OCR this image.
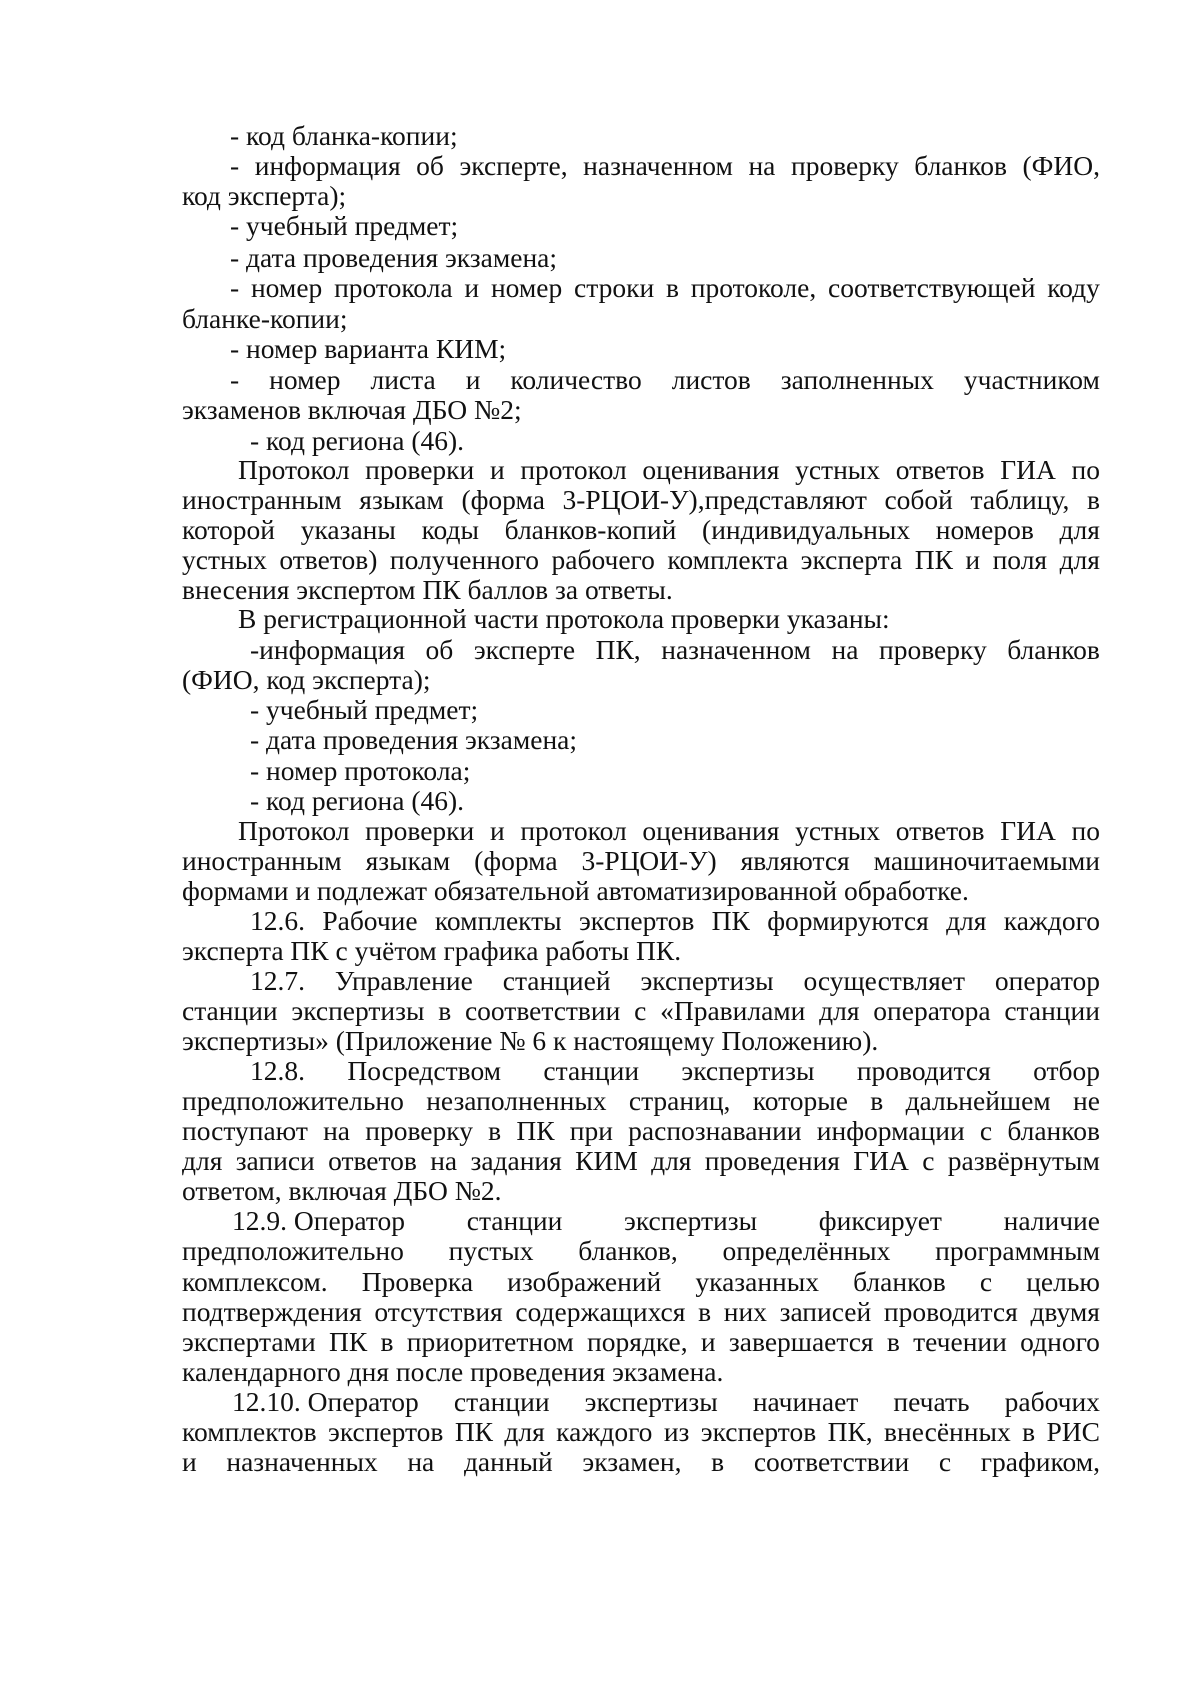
- код бланка-копии;
- информация об эксперте, назначенном на проверку бланков (ФИО,
код эксперта);
- учебный предмет;
- дата проведения экзамена;
- номер протокола и номер строки в протоколе, соответствующей коду
бланке-копии;
- номер варианта КИМ;
- номер листа и количество листов заполненных участником
экзаменов включая ДБО №2;
- код региона (46).
Протокол проверки и протокол оценивания устных ответов ГИА по
иностранным языкам (форма 3-РЦОИ-У),представляют собой таблицу, в
которой указаны коды бланков-копий (индивидуальных номеров для
устных ответов) полученного рабочего комплекта эксперта ПК и поля для
внесения экспертом ПК баллов за ответы.
В регистрационной части протокола проверки указаны:
-информация об эксперте ПК, назначенном на проверку бланков
(ФИО, код эксперта);
- учебный предмет;
- дата проведения экзамена;
- номер протокола;
- код региона (46).
Протокол проверки и протокол оценивания устных ответов ГИА по
иностранным языкам (форма 3-РЦОИ-У) являются машиночитаемыми
формами и подлежат обязательной автоматизированной обработке.
12.6. Рабочие комплекты экспертов ПК формируются для каждого
эксперта ПК с учётом графика работы ПК.
12.7. Управление станцией экспертизы осуществляет оператор
станции экспертизы в соответствии с «Правилами для оператора станции
экспертизы» (Приложение № 6 к настоящему Положению).
12.8. Посредством станции экспертизы проводится отбор
предположительно незаполненных страниц, которые в дальнейшем не
поступают на проверку в ПК при распознавании информации с бланков
для записи ответов на задания КИМ для проведения ГИА с развёрнутым
ответом, включая ДБО №2.
12.9. Оператор станции экспертизы фиксирует наличие
предположительно пустых бланков, определённых программным
комплексом. Проверка изображений указанных бланков с целью
подтверждения отсутствия содержащихся в них записей проводится двумя
экспертами ПК в приоритетном порядке, и завершается в течении одного
календарного дня после проведения экзамена.
12.10. Оператор станции экспертизы начинает печать рабочих
комплектов экспертов ПК для каждого из экспертов ПК, внесённых в РИС
и назначенных на данный экзамен, в соответствии с графиком,
